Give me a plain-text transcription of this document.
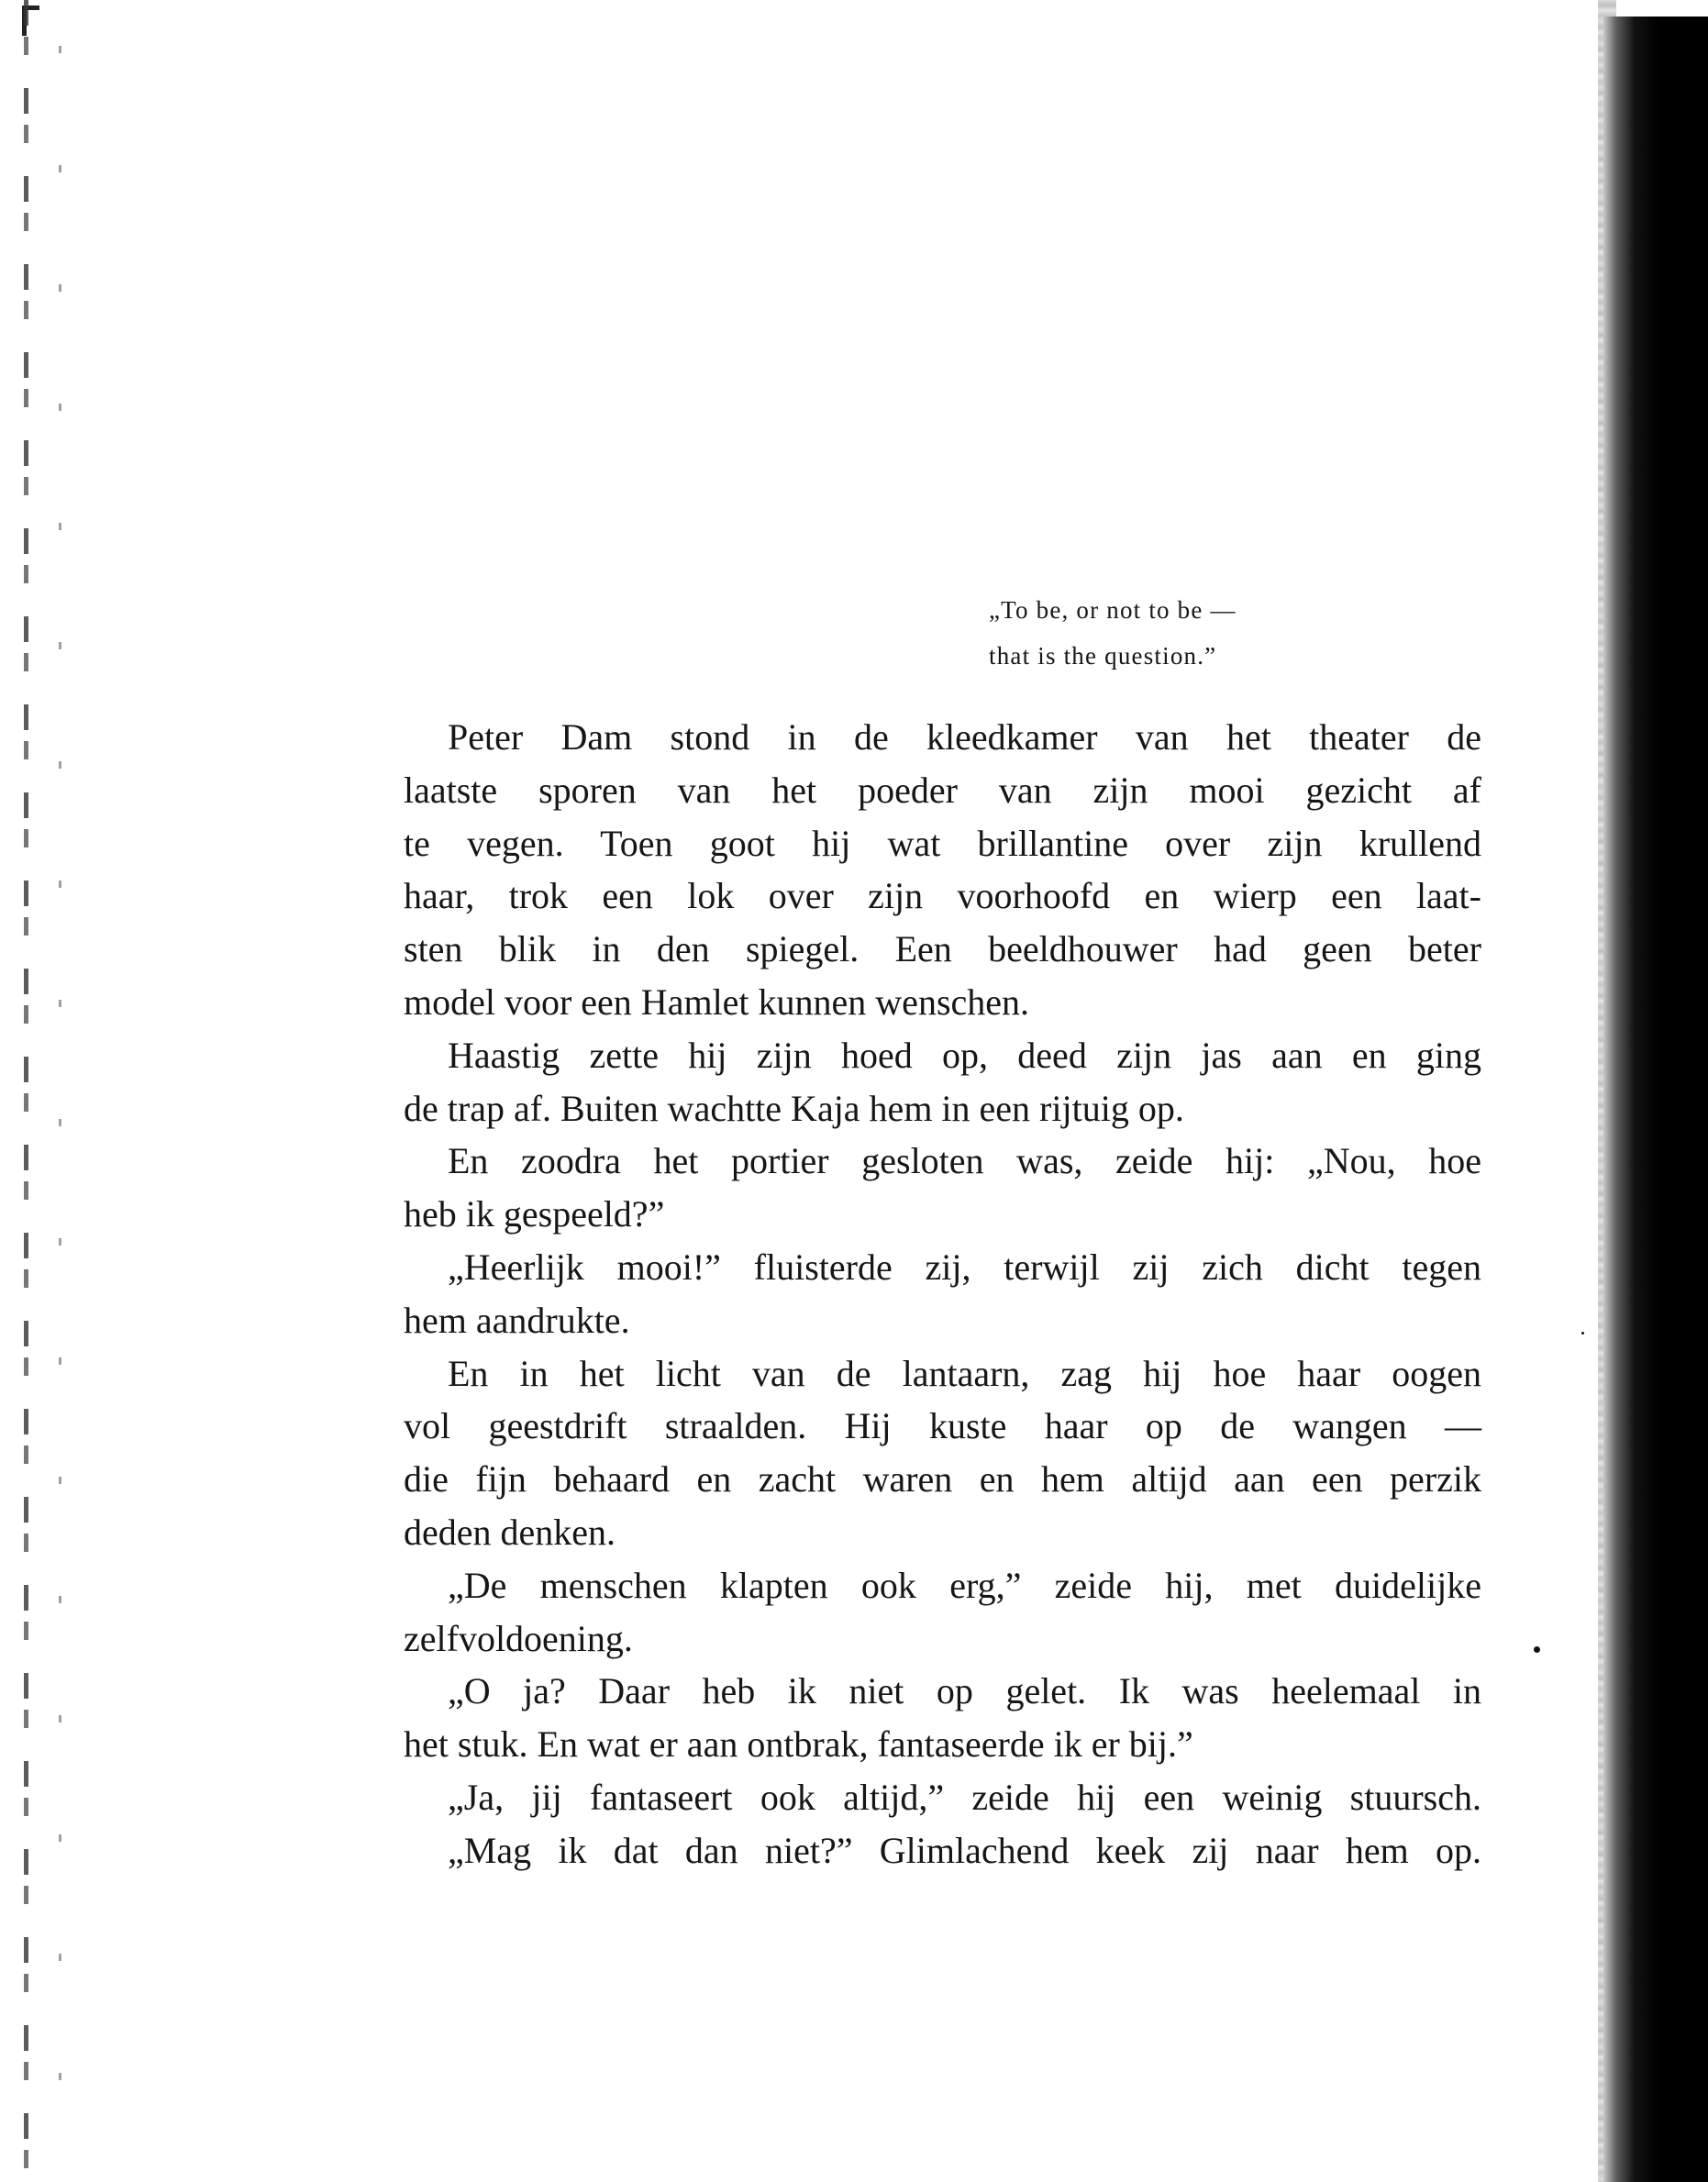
„To be, or not to be —
that is the question.”
Peter Dam stond in de kleedkamer van het theater de
laatste sporen van het poeder van zijn mooi gezicht af
te vegen. Toen goot hij wat brillantine over zijn krullend
haar, trok een lok over zijn voorhoofd en wierp een laat-
sten blik in den spiegel. Een beeldhouwer had geen beter
model voor een Hamlet kunnen wenschen.
Haastig zette hij zijn hoed op, deed zijn jas aan en ging
de trap af. Buiten wachtte Kaja hem in een rijtuig op.
En zoodra het portier gesloten was, zeide hij: „Nou, hoe
heb ik gespeeld?”
„Heerlijk mooi!” fluisterde zij, terwijl zij zich dicht tegen
hem aandrukte.
En in het licht van de lantaarn, zag hij hoe haar oogen
vol geestdrift straalden. Hij kuste haar op de wangen —
die fijn behaard en zacht waren en hem altijd aan een perzik
deden denken.
„De menschen klapten ook erg,” zeide hij, met duidelijke
zelfvoldoening.
„O ja? Daar heb ik niet op gelet. Ik was heelemaal in
het stuk. En wat er aan ontbrak, fantaseerde ik er bij.”
„Ja, jij fantaseert ook altijd,” zeide hij een weinig stuursch.
„Mag ik dat dan niet?” Glimlachend keek zij naar hem op.
